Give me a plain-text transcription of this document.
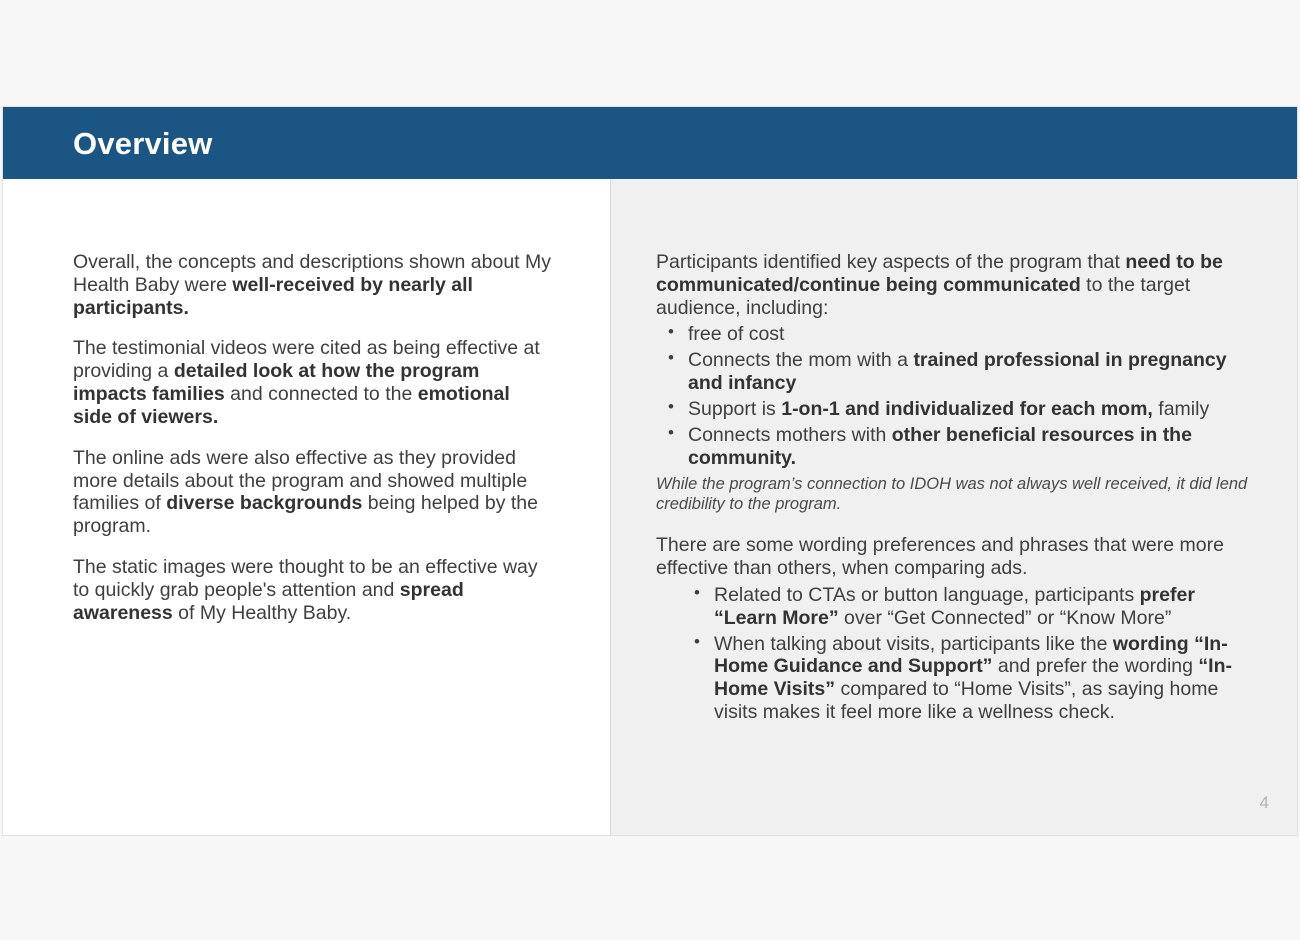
Overview

Overall, the concepts and descriptions shown about My Health Baby were well-received by nearly all participants.

The testimonial videos were cited as being effective at providing a detailed look at how the program impacts families and connected to the emotional side of viewers.

The online ads were also effective as they provided more details about the program and showed multiple families of diverse backgrounds being helped by the program.

The static images were thought to be an effective way to quickly grab people's attention and spread awareness of My Healthy Baby.

Participants identified key aspects of the program that need to be communicated/continue being communicated to the target audience, including:

• free of cost
• Connects the mom with a trained professional in pregnancy and infancy
• Support is 1-on-1 and individualized for each mom, family
• Connects mothers with other beneficial resources in the community.

While the program’s connection to IDOH was not always well received, it did lend credibility to the program.

There are some wording preferences and phrases that were more effective than others, when comparing ads.

• Related to CTAs or button language, participants prefer “Learn More” over “Get Connected” or “Know More”
• When talking about visits, participants like the wording “In-Home Guidance and Support” and prefer the wording “In-Home Visits” compared to “Home Visits”, as saying home visits makes it feel more like a wellness check.
4
